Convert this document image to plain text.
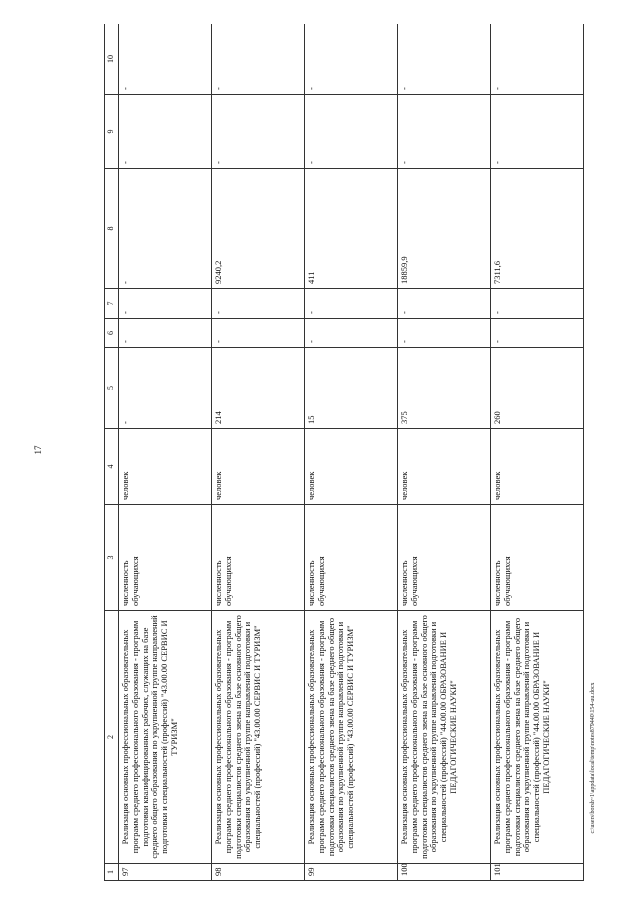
17
1	2	3	4	5	6	7	8	9	10
97	Реализация основных профессиональных образовательных программ среднего профессионального образования - программ подготовки квалифицированных рабочих, служащих на базе среднего общего образования по укрупненной группе направлений подготовки и специальностей (профессий) "43.00.00 СЕРВИС И ТУРИЗМ"	численность обучающихся	человек	-	-	-	-	-	-
98	Реализация основных профессиональных образовательных программ среднего профессионального образования - программ подготовки специалистов среднего звена на базе основного общего образования по укрупненной группе направлений подготовки и специальностей (профессий) "43.00.00 СЕРВИС И ТУРИЗМ"	численность обучающихся	человек	214	-	-	9240,2	-	-
99	Реализация основных профессиональных образовательных программ среднего профессионального образования - программ подготовки специалистов среднего звена на базе среднего общего образования по укрупненной группе направлений подготовки и специальностей (профессий) "43.00.00 СЕРВИС И ТУРИЗМ"	численность обучающихся	человек	15	-	-	411	-	-
100	Реализация основных профессиональных образовательных программ среднего профессионального образования - программ подготовки специалистов среднего звена на базе основного общего образования по укрупненной группе направлений подготовки и специальностей (профессий) "44.00.00 ОБРАЗОВАНИЕ И ПЕДАГОГИЧЕСКИЕ НАУКИ"	численность обучающихся	человек	375	-	-	18859,9	-	-
101	Реализация основных профессиональных образовательных программ среднего профессионального образования - программ подготовки специалистов среднего звена на базе среднего общего образования по укрупненной группе направлений подготовки и специальностей (профессий) "44.00.00 ОБРАЗОВАНИЕ И ПЕДАГОГИЧЕСКИЕ НАУКИ"	численность обучающихся	человек	260	-	-	7311,6	-	-
c:\users\borsh~1\appdata\local\temp\notes879440\154-uu.docx
